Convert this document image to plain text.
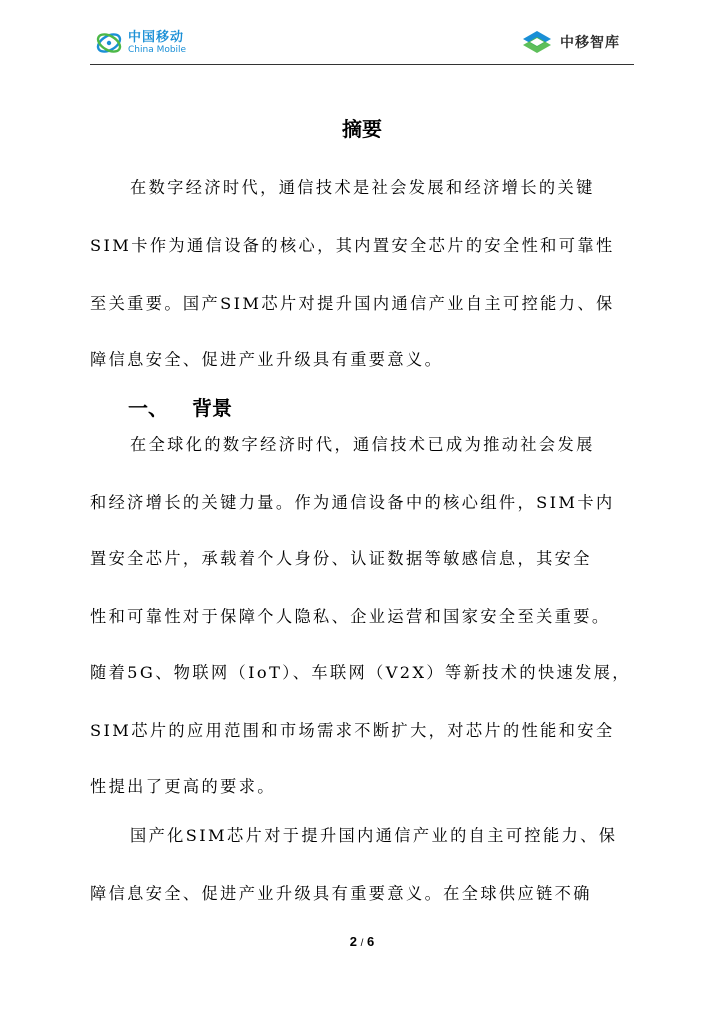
中国移动
China Mobile	中移智库
摘要
在数字经济时代，通信技术是社会发展和经济增长的关键
SIM卡作为通信设备的核心，其内置安全芯片的安全性和可靠性
至关重要。国产SIM芯片对提升国内通信产业自主可控能力、保
障信息安全、促进产业升级具有重要意义。
一、 背景
在全球化的数字经济时代，通信技术已成为推动社会发展
和经济增长的关键力量。作为通信设备中的核心组件，SIM卡内
置安全芯片，承载着个人身份、认证数据等敏感信息，其安全
性和可靠性对于保障个人隐私、企业运营和国家安全至关重要。
随着5G、物联网（IoT）、车联网（V2X）等新技术的快速发展，
SIM芯片的应用范围和市场需求不断扩大，对芯片的性能和安全
性提出了更高的要求。
国产化SIM芯片对于提升国内通信产业的自主可控能力、保
障信息安全、促进产业升级具有重要意义。在全球供应链不确
2 / 6
